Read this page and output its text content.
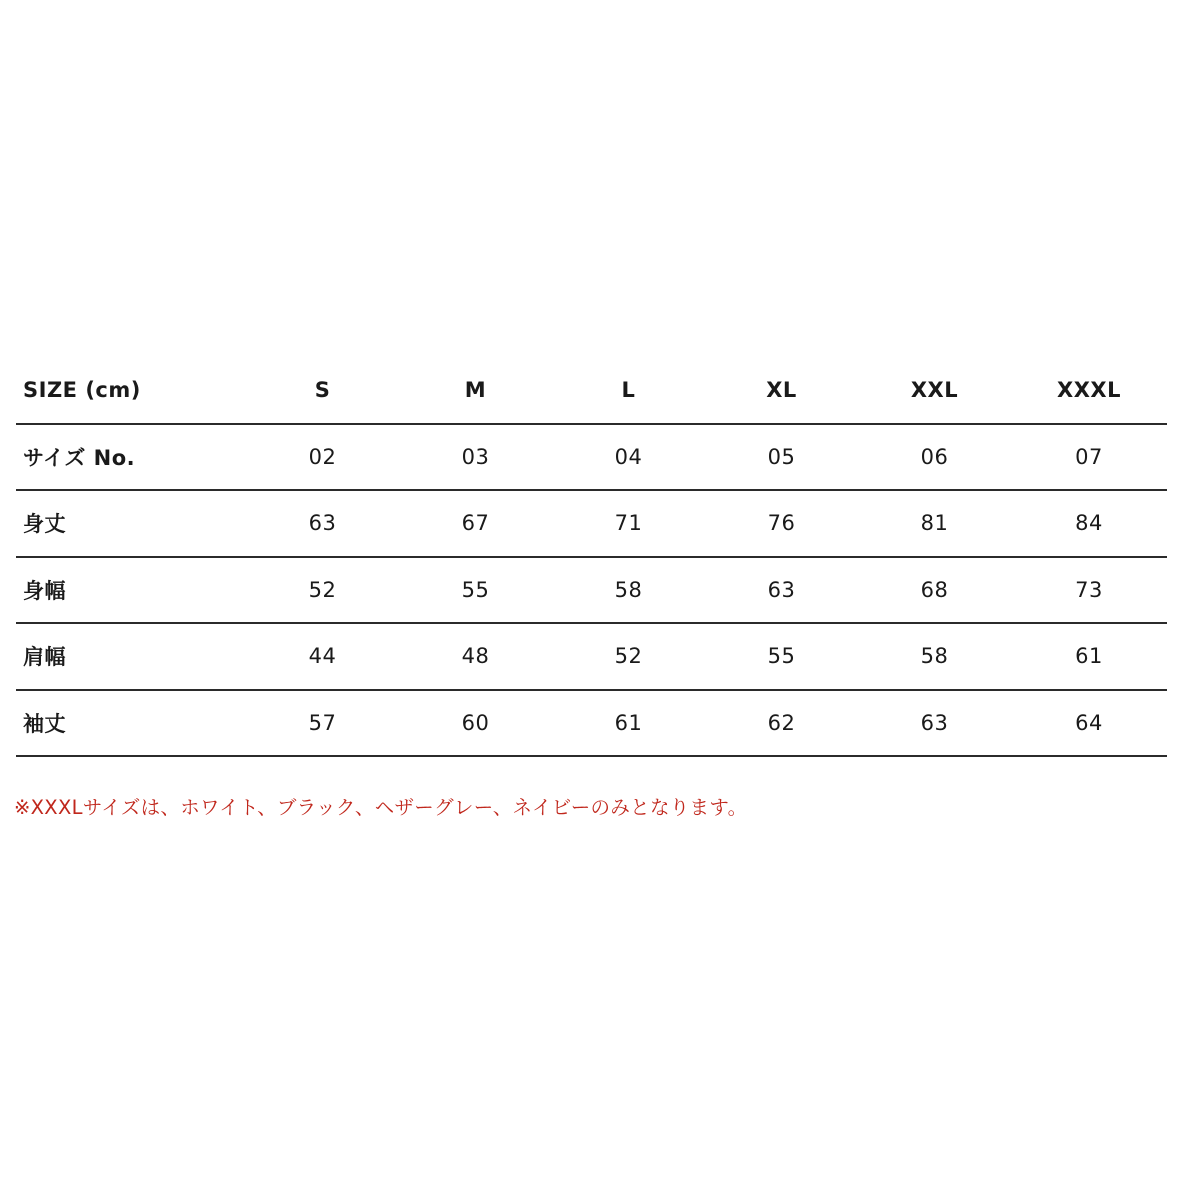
SIZE (cm)	S	M	L	XL	XXL	XXXL
サイズ No.	02	03	04	05	06	07
身丈	63	67	71	76	81	84
身幅	52	55	58	63	68	73
肩幅	44	48	52	55	58	61
袖丈	57	60	61	62	63	64
※XXXLサイズは、ホワイト、ブラック、ヘザーグレー、ネイビーのみとなります。
